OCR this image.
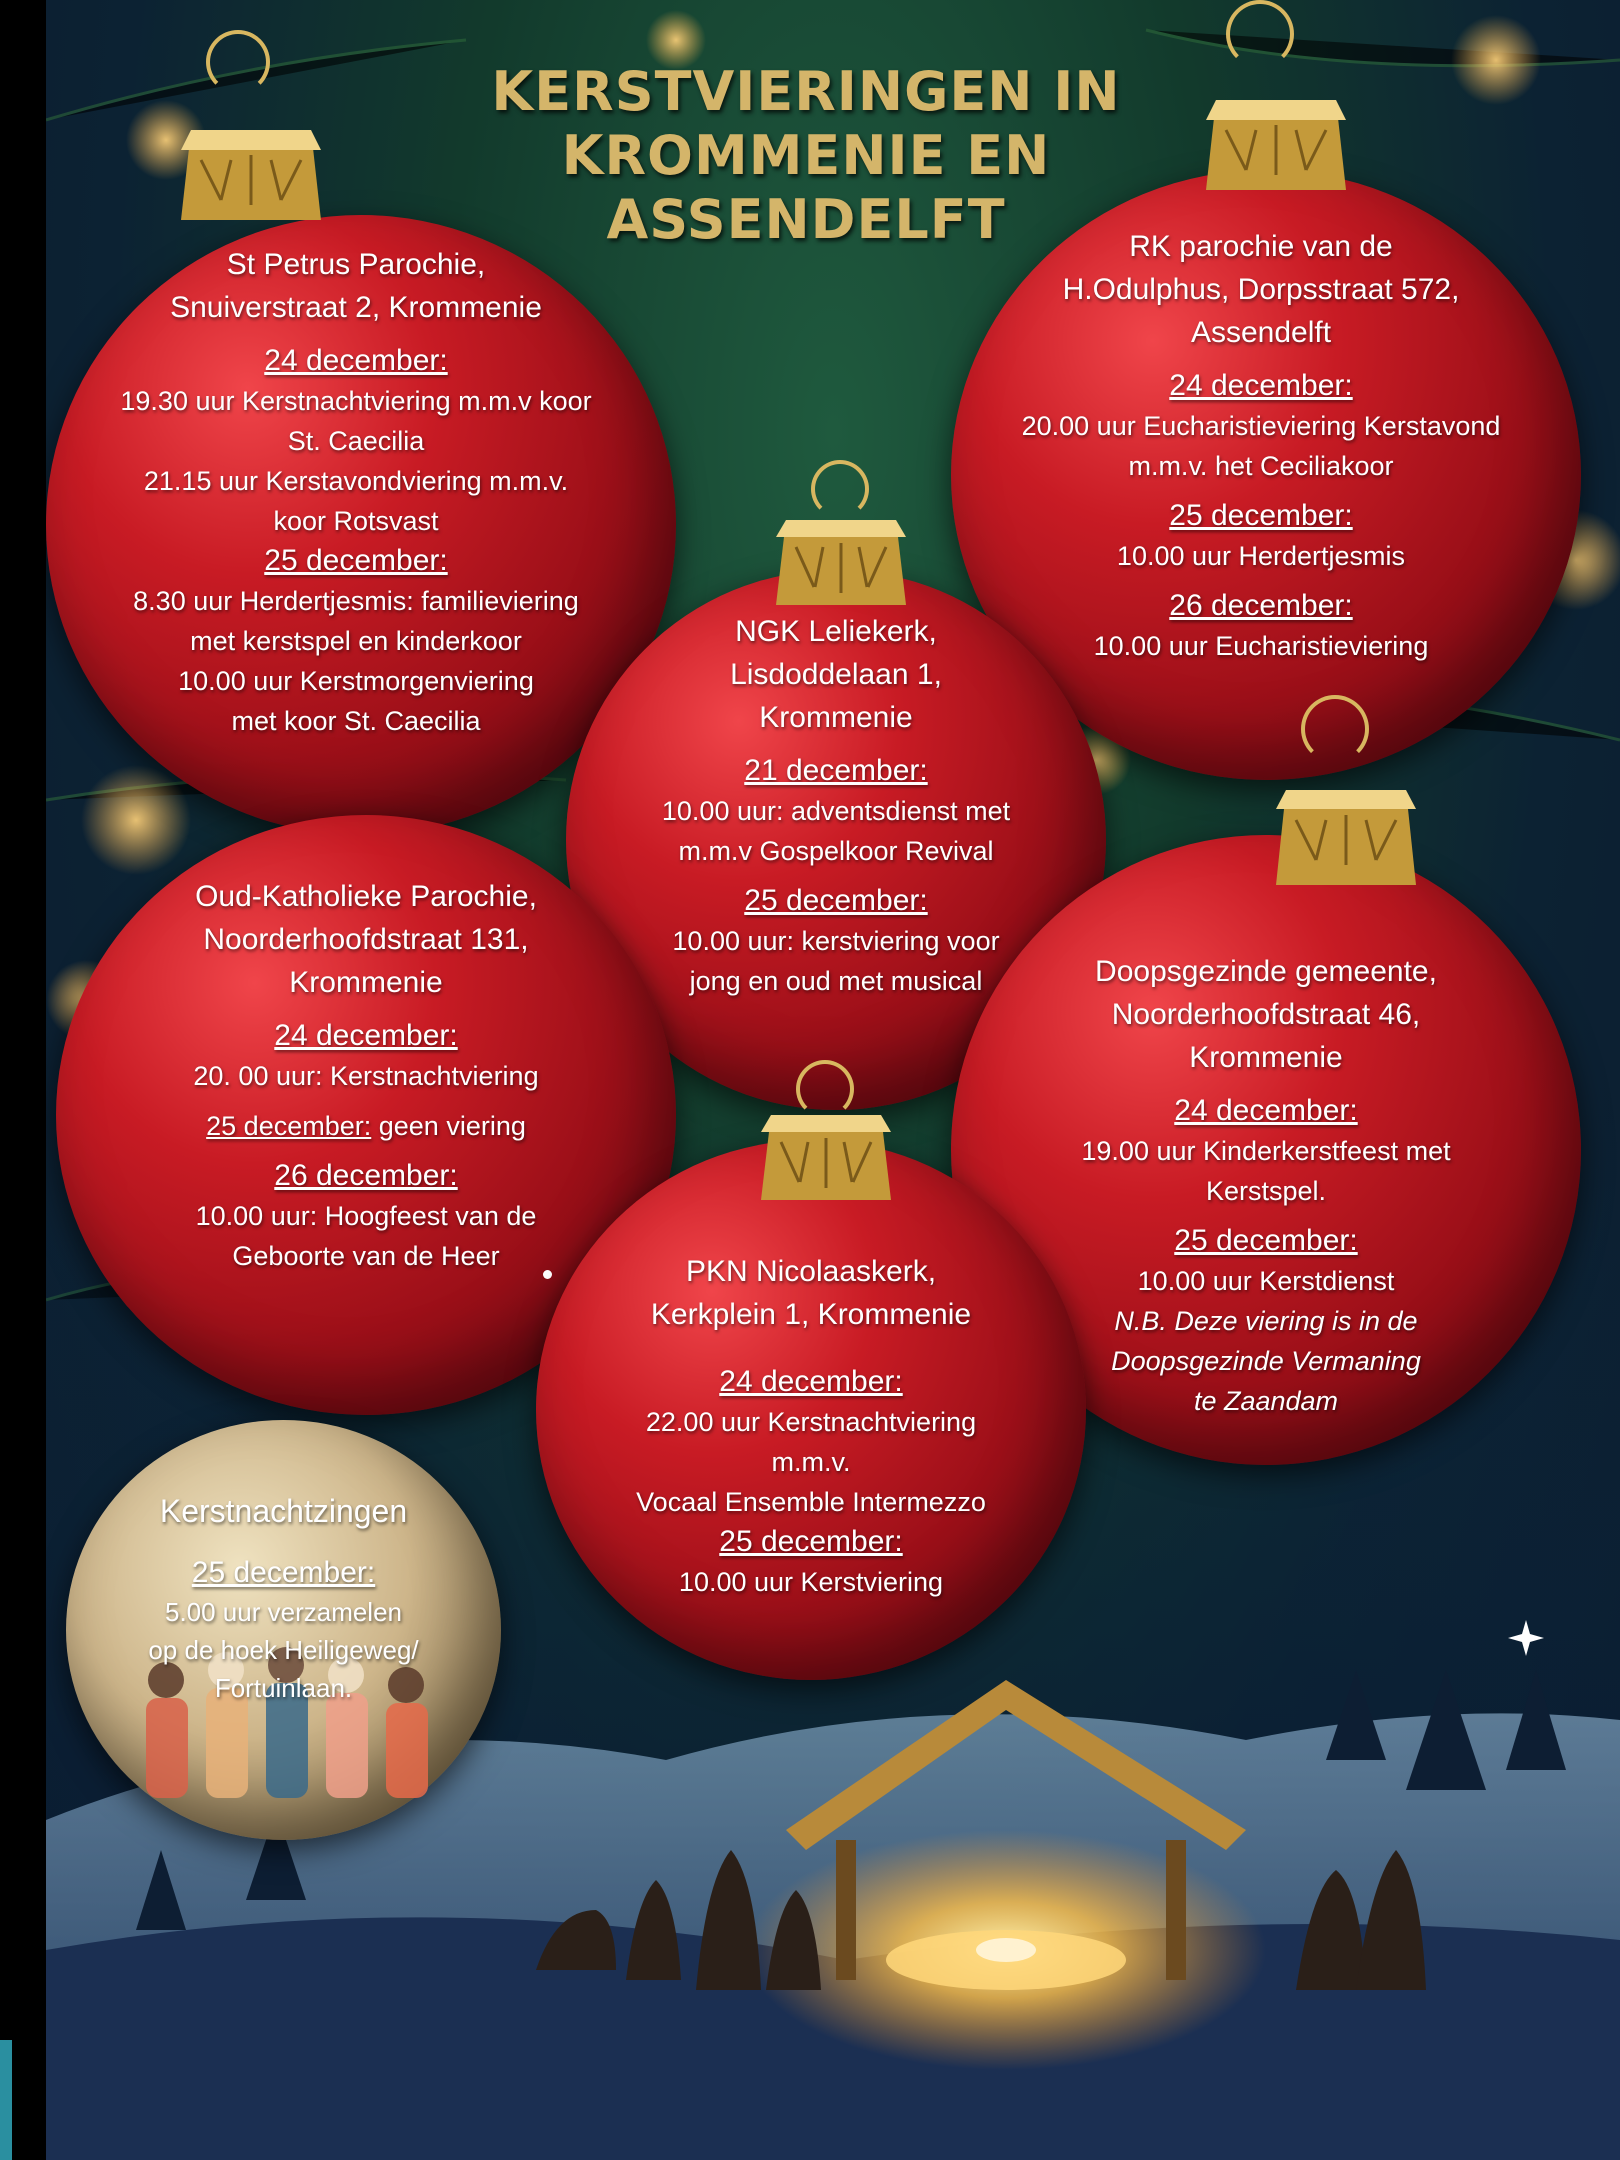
KERSTVIERINGEN IN
KROMMENIE EN
ASSENDELFT
St Petrus Parochie,
Snuiverstraat 2, Krommenie
24 december:
19.30 uur Kerstnachtviering m.m.v koor
St. Caecilia
21.15 uur Kerstavondviering m.m.v.
koor Rotsvast
25 december:
8.30 uur Herdertjesmis: familieviering
met kerstspel en kinderkoor
10.00 uur Kerstmorgenviering
met koor St. Caecilia
RK parochie van de
H.Odulphus, Dorpsstraat 572,
Assendelft
24 december:
20.00 uur Eucharistieviering Kerstavond
m.m.v. het Ceciliakoor
25 december:
10.00 uur Herdertjesmis
26 december:
10.00 uur Eucharistieviering
NGK Leliekerk,
Lisdoddelaan 1,
Krommenie
21 december:
10.00 uur: adventsdienst met
m.m.v Gospelkoor Revival
25 december:
10.00 uur: kerstviering voor
jong en oud met musical
Oud-Katholieke Parochie,
Noorderhoofdstraat 131,
Krommenie
24 december:
20. 00 uur: Kerstnachtviering
25 december: geen viering
26 december:
10.00 uur: Hoogfeest van de
Geboorte van de Heer
Doopsgezinde gemeente,
Noorderhoofdstraat 46,
Krommenie
24 december:
19.00 uur Kinderkerstfeest met
Kerstspel.
25 december:
10.00 uur Kerstdienst
N.B. Deze viering is in de
Doopsgezinde Vermaning
te Zaandam
PKN Nicolaaskerk,
Kerkplein 1, Krommenie
24 december:
22.00 uur Kerstnachtviering
m.m.v.
Vocaal Ensemble Intermezzo
25 december:
10.00 uur Kerstviering
Kerstnachtzingen
25 december:
5.00 uur verzamelen
op de hoek Heiligeweg/
Fortuinlaan.
